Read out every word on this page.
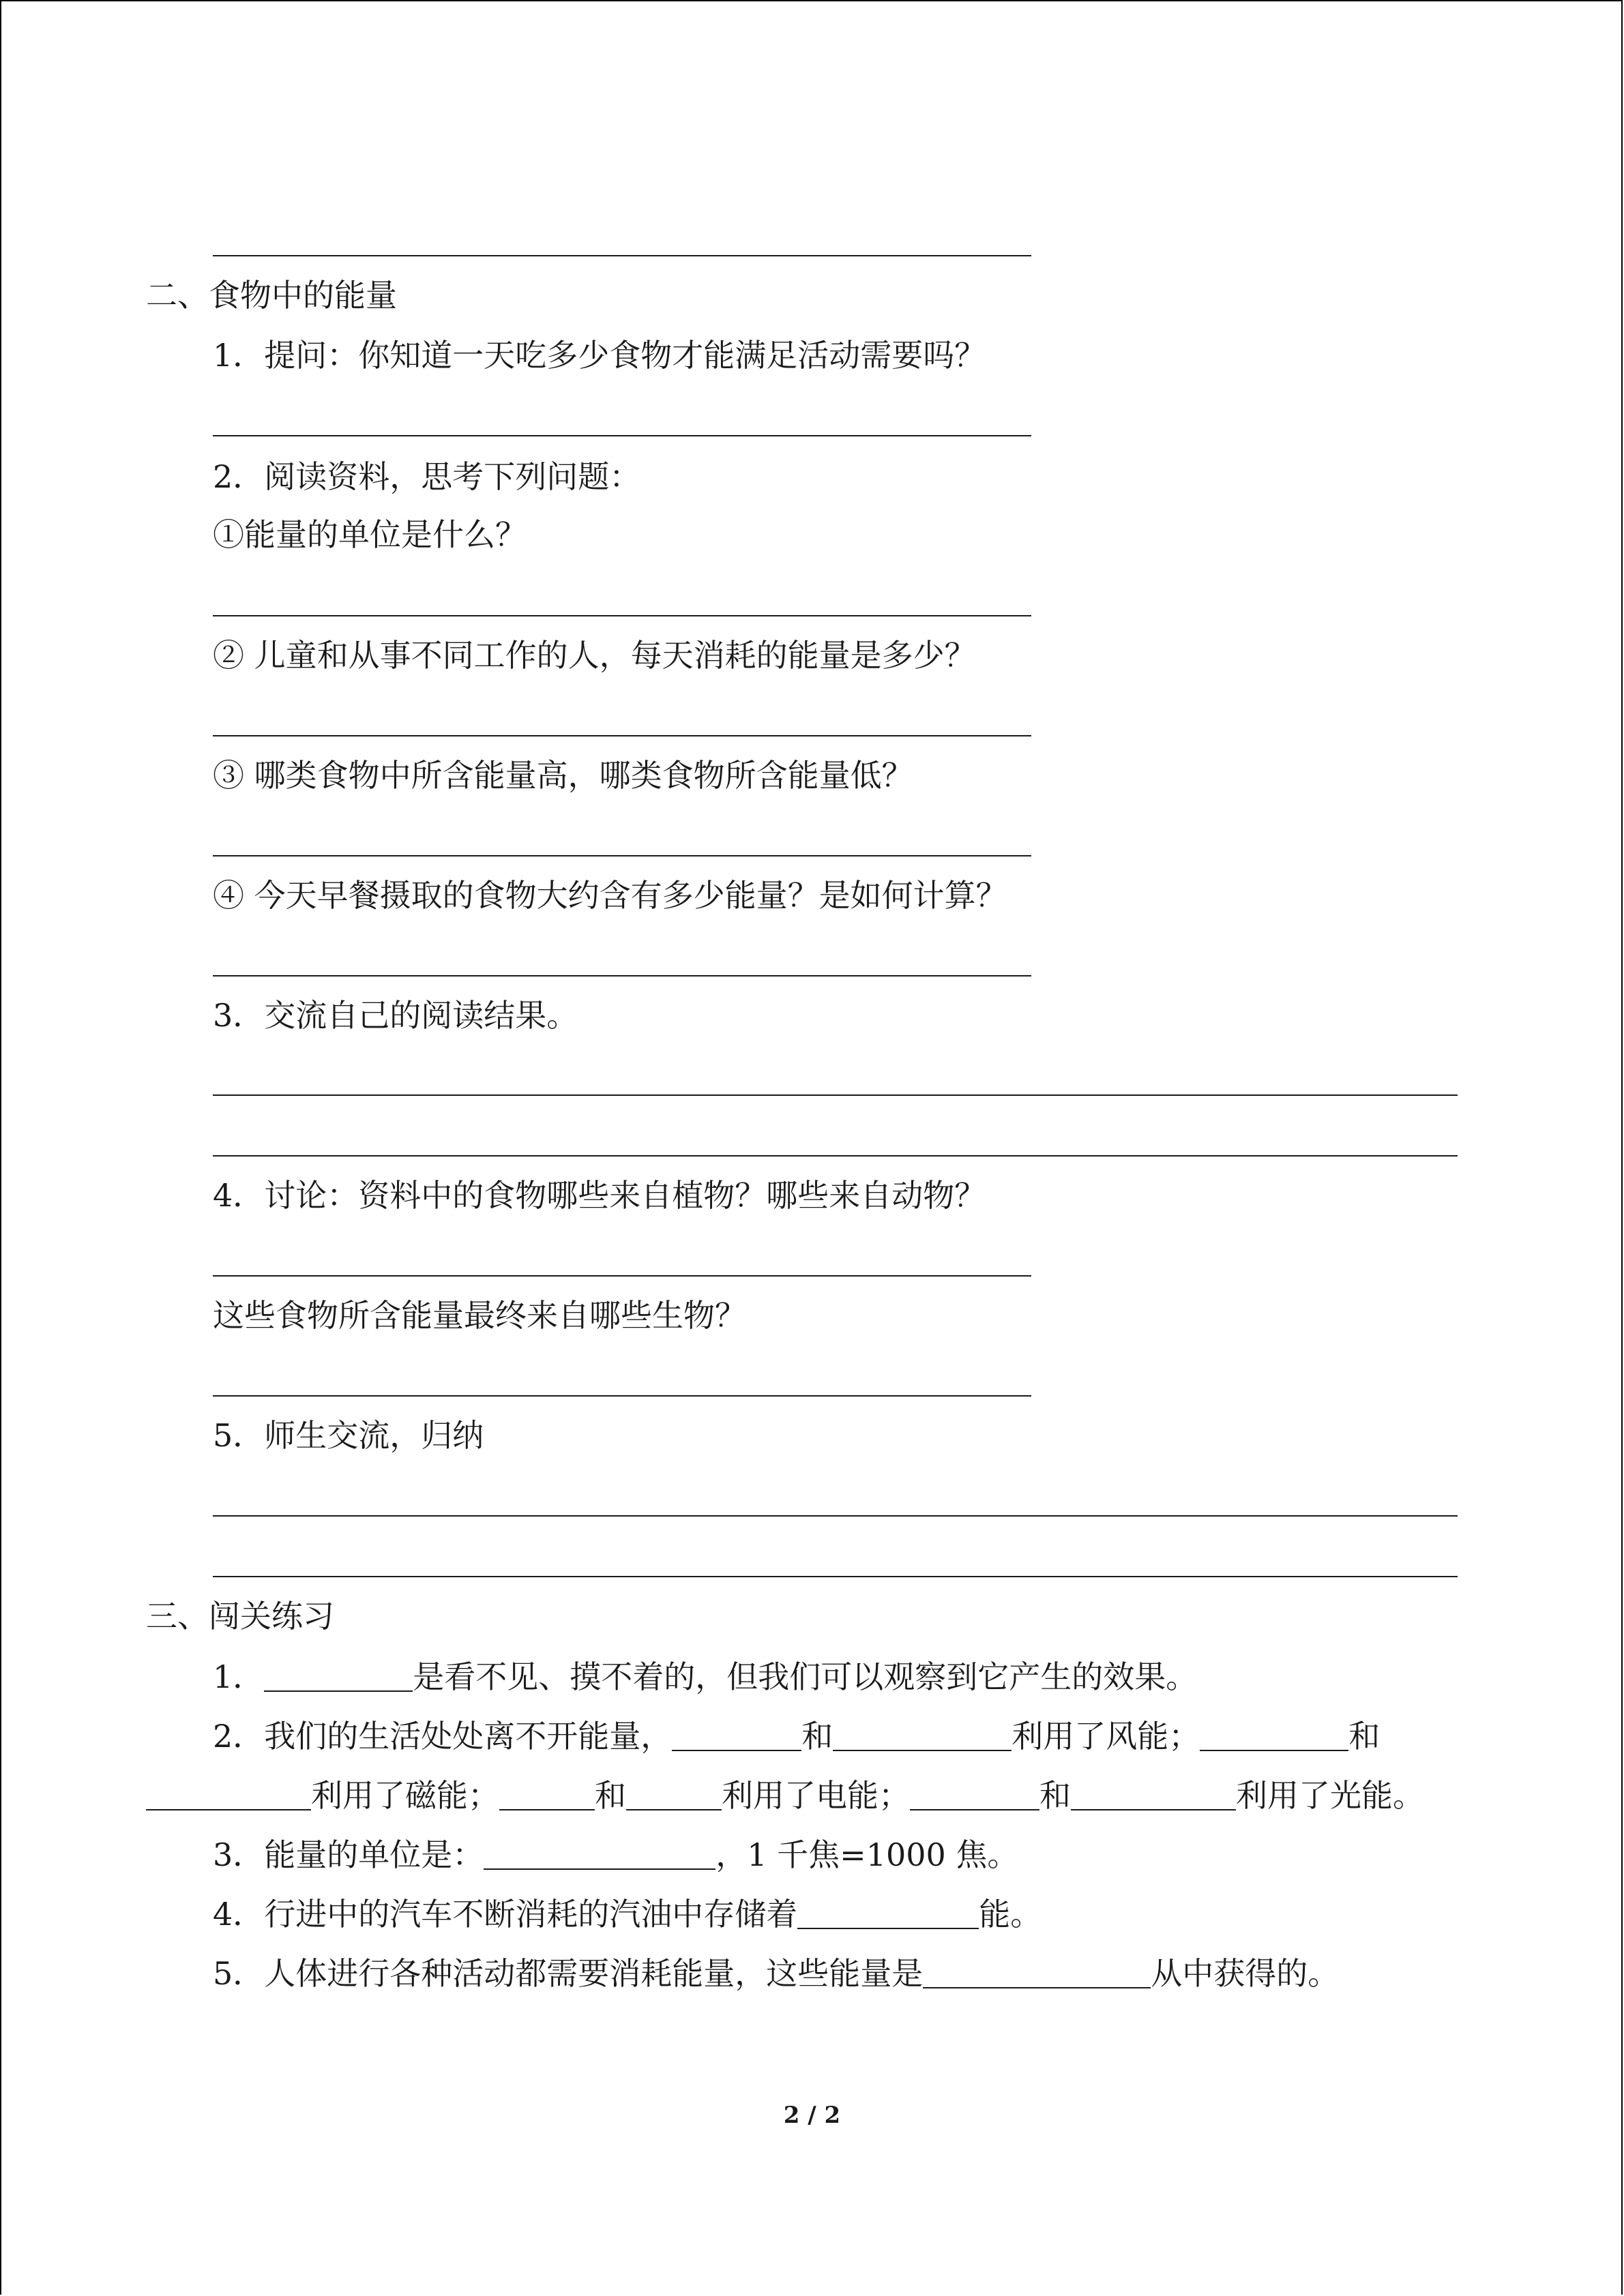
二、食物中的能量
1．提问：你知道一天吃多少食物才能满足活动需要吗？
2．阅读资料，思考下列问题：
①能量的单位是什么？
② 儿童和从事不同工作的人，每天消耗的能量是多少？
③ 哪类食物中所含能量高，哪类食物所含能量低？
④ 今天早餐摄取的食物大约含有多少能量？是如何计算？
3．交流自己的阅读结果。
4．讨论：资料中的食物哪些来自植物？哪些来自动物？
这些食物所含能量最终来自哪些生物？
5．师生交流，归纳
三、闯关练习
1．	是看不见、摸不着的，但我们可以观察到它产生的效果。
2．我们的生活处处离不开能量，	和	利用了风能；	和
利用了磁能；	和	利用了电能；	和	利用了光能。
3．能量的单位是：	，1 千焦=1000 焦。
4．行进中的汽车不断消耗的汽油中存储着	能。
5．人体进行各种活动都需要消耗能量，这些能量是	从中获得的。
2 / 2
